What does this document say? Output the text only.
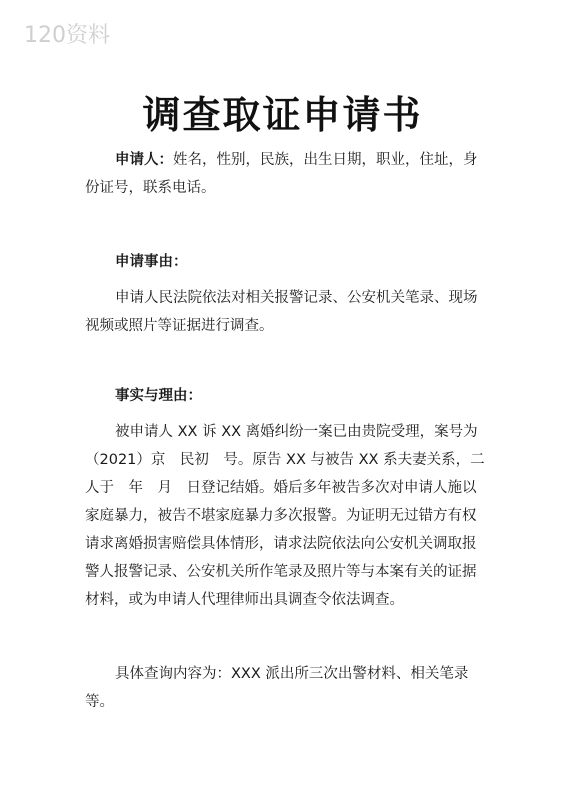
120资料
调查取证申请书

申请人：姓名，性别，民族，出生日期，职业，住址，身份证号，联系电话。

申请事由：

申请人民法院依法对相关报警记录、公安机关笔录、现场视频或照片等证据进行调查。

事实与理由：

被申请人 XX 诉 XX 离婚纠纷一案已由贵院受理，案号为（2021）京　民初　号。原告 XX 与被告 XX 系夫妻关系，二人于　年　月　日登记结婚。婚后多年被告多次对申请人施以家庭暴力，被告不堪家庭暴力多次报警。为证明无过错方有权请求离婚损害赔偿具体情形，请求法院依法向公安机关调取报警人报警记录、公安机关所作笔录及照片等与本案有关的证据材料，或为申请人代理律师出具调查令依法调查。

具体查询内容为：XXX 派出所三次出警材料、相关笔录等。
